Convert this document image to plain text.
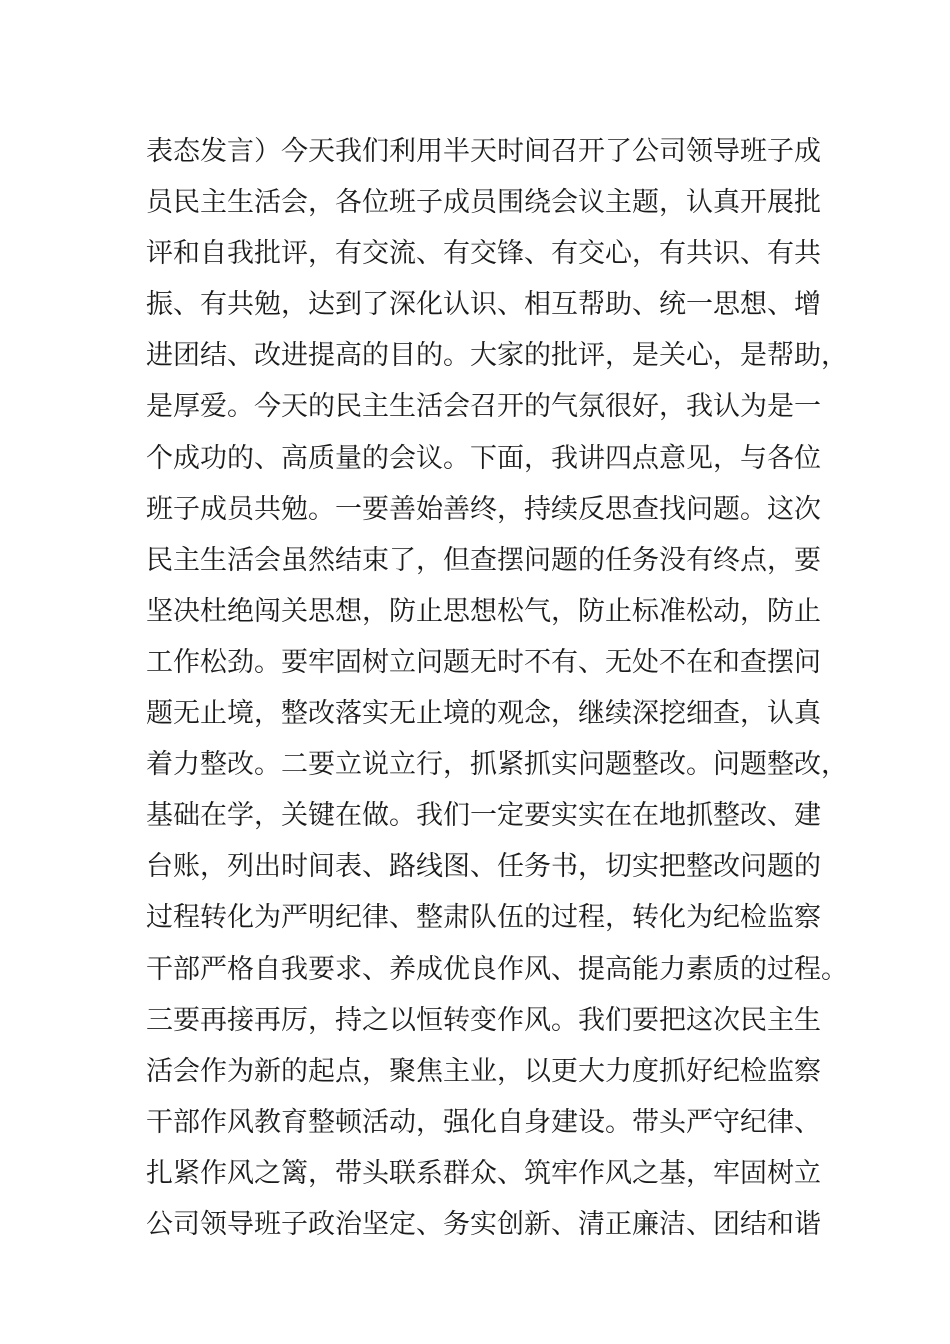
表态发言）今天我们利用半天时间召开了公司领导班子成
员民主生活会，各位班子成员围绕会议主题，认真开展批
评和自我批评，有交流、有交锋、有交心，有共识、有共
振、有共勉，达到了深化认识、相互帮助、统一思想、增
进团结、改进提高的目的。大家的批评，是关心，是帮助，
是厚爱。今天的民主生活会召开的气氛很好，我认为是一
个成功的、高质量的会议。下面，我讲四点意见，与各位
班子成员共勉。一要善始善终，持续反思查找问题。这次
民主生活会虽然结束了，但查摆问题的任务没有终点，要
坚决杜绝闯关思想，防止思想松气，防止标准松动，防止
工作松劲。要牢固树立问题无时不有、无处不在和查摆问
题无止境，整改落实无止境的观念，继续深挖细查，认真
着力整改。二要立说立行，抓紧抓实问题整改。问题整改，
基础在学，关键在做。我们一定要实实在在地抓整改、建
台账，列出时间表、路线图、任务书，切实把整改问题的
过程转化为严明纪律、整肃队伍的过程，转化为纪检监察
干部严格自我要求、养成优良作风、提高能力素质的过程。
三要再接再厉，持之以恒转变作风。我们要把这次民主生
活会作为新的起点，聚焦主业，以更大力度抓好纪检监察
干部作风教育整顿活动，强化自身建设。带头严守纪律、
扎紧作风之篱，带头联系群众、筑牢作风之基，牢固树立
公司领导班子政治坚定、务实创新、清正廉洁、团结和谐
